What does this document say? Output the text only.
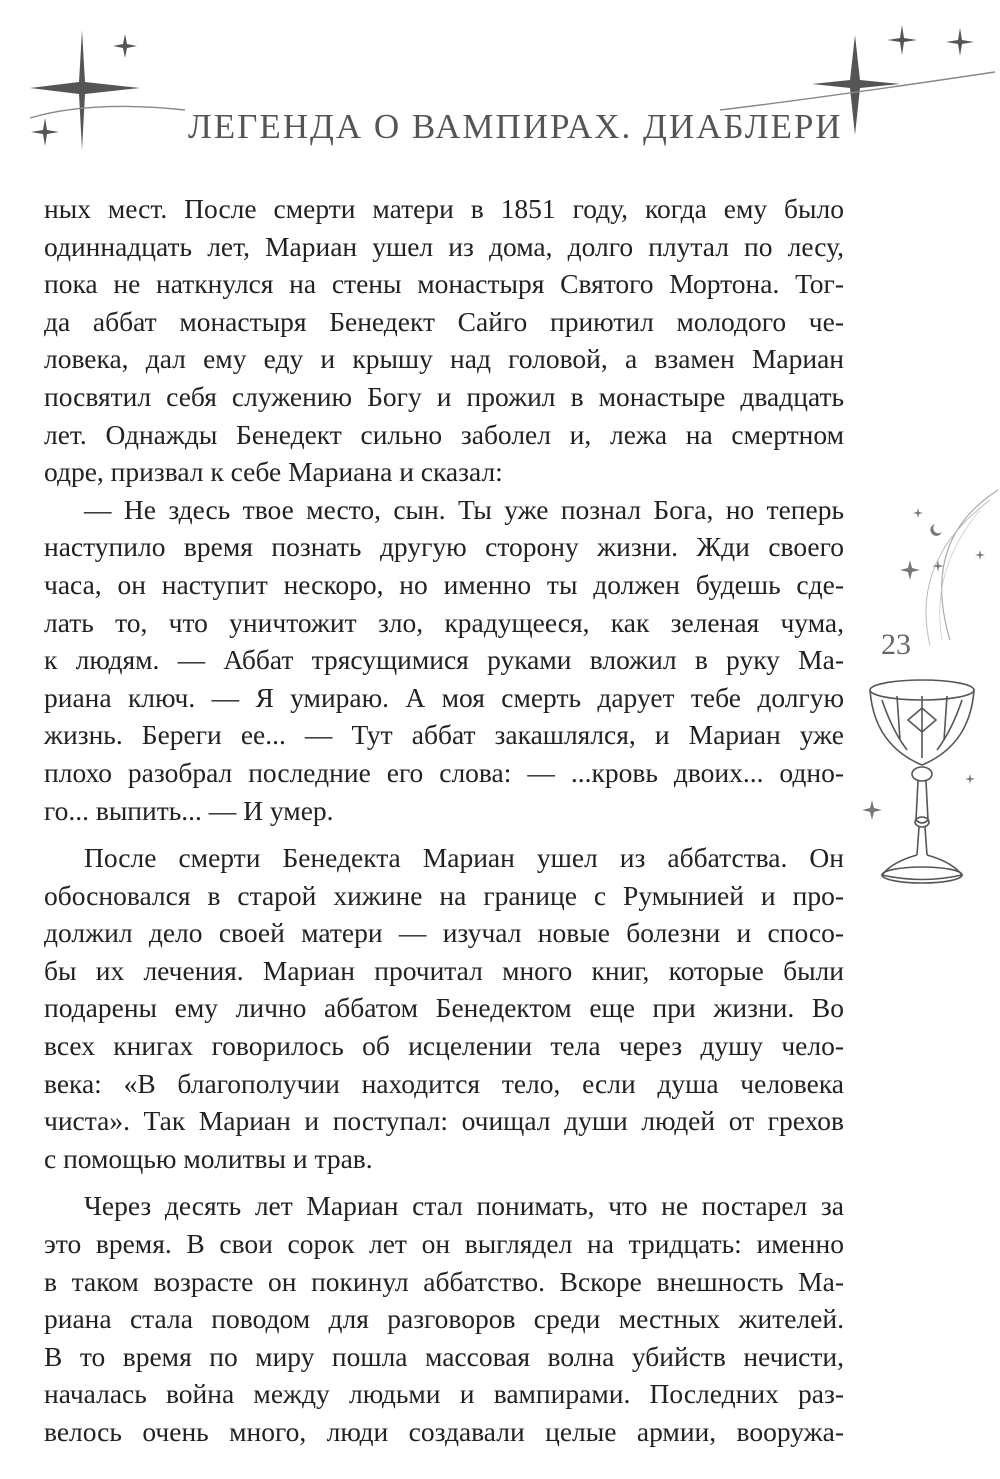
ЛЕГЕНДА О ВАМПИРАХ. ДИАБЛЕРИ
ных мест. После смерти матери в 1851 году, когда ему было
одиннадцать лет, Мариан ушел из дома, долго плутал по лесу,
пока не наткнулся на стены монастыря Святого Мортона. Тог-
да аббат монастыря Бенедект Сайго приютил молодого че-
ловека, дал ему еду и крышу над головой, а взамен Мариан
посвятил себя служению Богу и прожил в монастыре двадцать
лет. Однажды Бенедект сильно заболел и, лежа на смертном
одре, призвал к себе Мариана и сказал:
— Не здесь твое место, сын. Ты уже познал Бога, но теперь
наступило время познать другую сторону жизни. Жди своего
часа, он наступит нескоро, но именно ты должен будешь сде-
лать то, что уничтожит зло, крадущееся, как зеленая чума,
к людям. — Аббат трясущимися руками вложил в руку Ма-
риана ключ. — Я умираю. А моя смерть дарует тебе долгую
жизнь. Береги ее... — Тут аббат закашлялся, и Мариан уже
плохо разобрал последние его слова: — ...кровь двоих... одно-
го... выпить... — И умер.
После смерти Бенедекта Мариан ушел из аббатства. Он
обосновался в старой хижине на границе с Румынией и про-
должил дело своей матери — изучал новые болезни и спосо-
бы их лечения. Мариан прочитал много книг, которые были
подарены ему лично аббатом Бенедектом еще при жизни. Во
всех книгах говорилось об исцелении тела через душу чело-
века: «В благополучии находится тело, если душа человека
чиста». Так Мариан и поступал: очищал души людей от грехов
с помощью молитвы и трав.
Через десять лет Мариан стал понимать, что не постарел за
это время. В свои сорок лет он выглядел на тридцать: именно
в таком возрасте он покинул аббатство. Вскоре внешность Ма-
риана стала поводом для разговоров среди местных жителей.
В то время по миру пошла массовая волна убийств нечисти,
началась война между людьми и вампирами. Последних раз-
велось очень много, люди создавали целые армии, вооружа-
23
